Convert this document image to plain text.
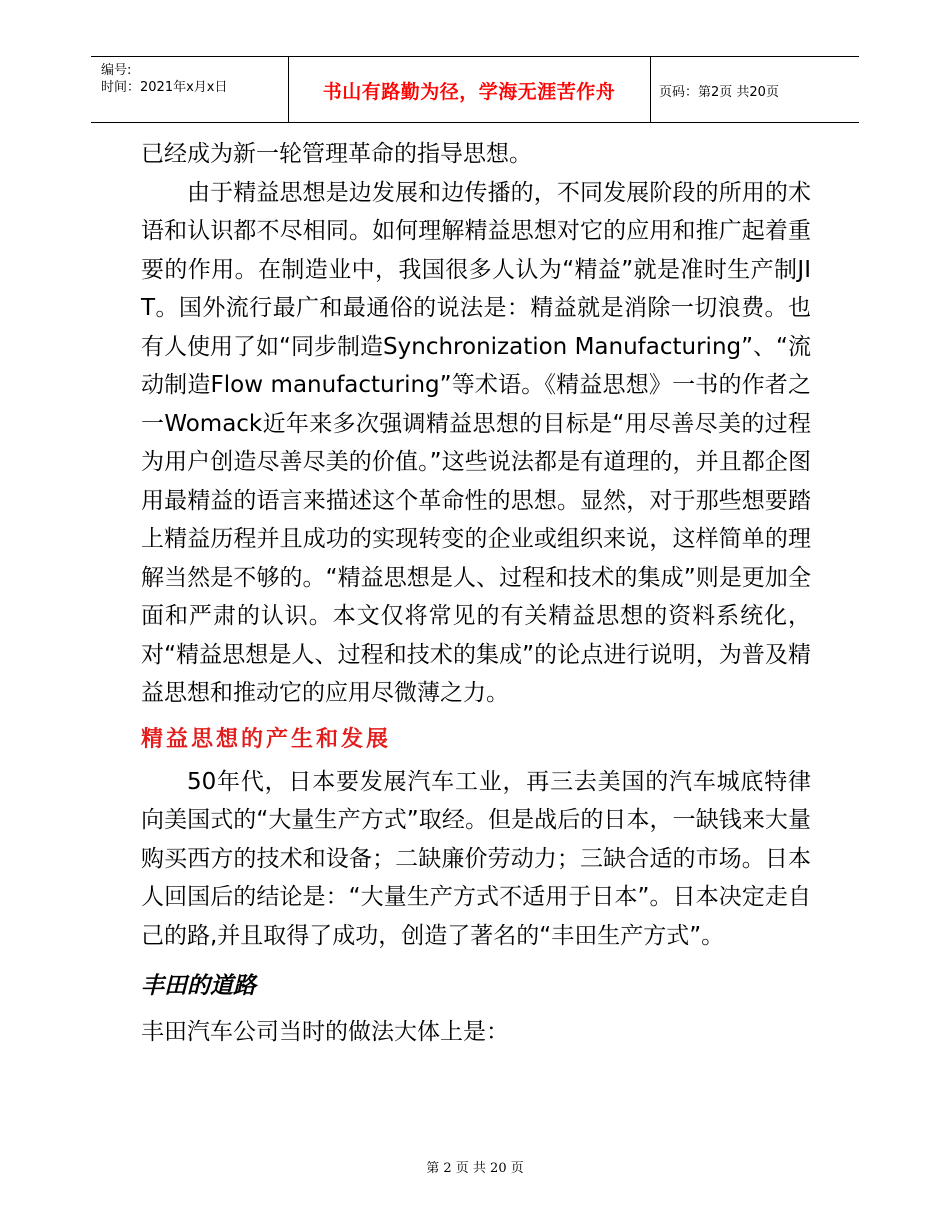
编号:
时间：2021年x月x日	书山有路勤为径，学海无涯苦作舟	页码：第2页 共20页

已经成为新一轮管理革命的指导思想。

由于精益思想是边发展和边传播的，不同发展阶段的所用的术语和认识都不尽相同。如何理解精益思想对它的应用和推广起着重要的作用。在制造业中，我国很多人认为“精益”就是准时生产制JIT。国外流行最广和最通俗的说法是：精益就是消除一切浪费。也有人使用了如“同步制造Synchronization Manufacturing”、“流动制造Flow manufacturing”等术语。《精益思想》一书的作者之一Womack近年来多次强调精益思想的目标是“用尽善尽美的过程为用户创造尽善尽美的价值。”这些说法都是有道理的，并且都企图用最精益的语言来描述这个革命性的思想。显然，对于那些想要踏上精益历程并且成功的实现转变的企业或组织来说，这样简单的理解当然是不够的。“精益思想是人、过程和技术的集成”则是更加全面和严肃的认识。本文仅将常见的有关精益思想的资料系统化，对“精益思想是人、过程和技术的集成”的论点进行说明，为普及精益思想和推动它的应用尽微薄之力。

精益思想的产生和发展

50年代，日本要发展汽车工业，再三去美国的汽车城底特律向美国式的“大量生产方式”取经。但是战后的日本，一缺钱来大量购买西方的技术和设备；二缺廉价劳动力；三缺合适的市场。日本人回国后的结论是：“大量生产方式不适用于日本”。日本决定走自己的路,并且取得了成功，创造了著名的“丰田生产方式”。

丰田的道路

丰田汽车公司当时的做法大体上是：

第 2 页 共 20 页
